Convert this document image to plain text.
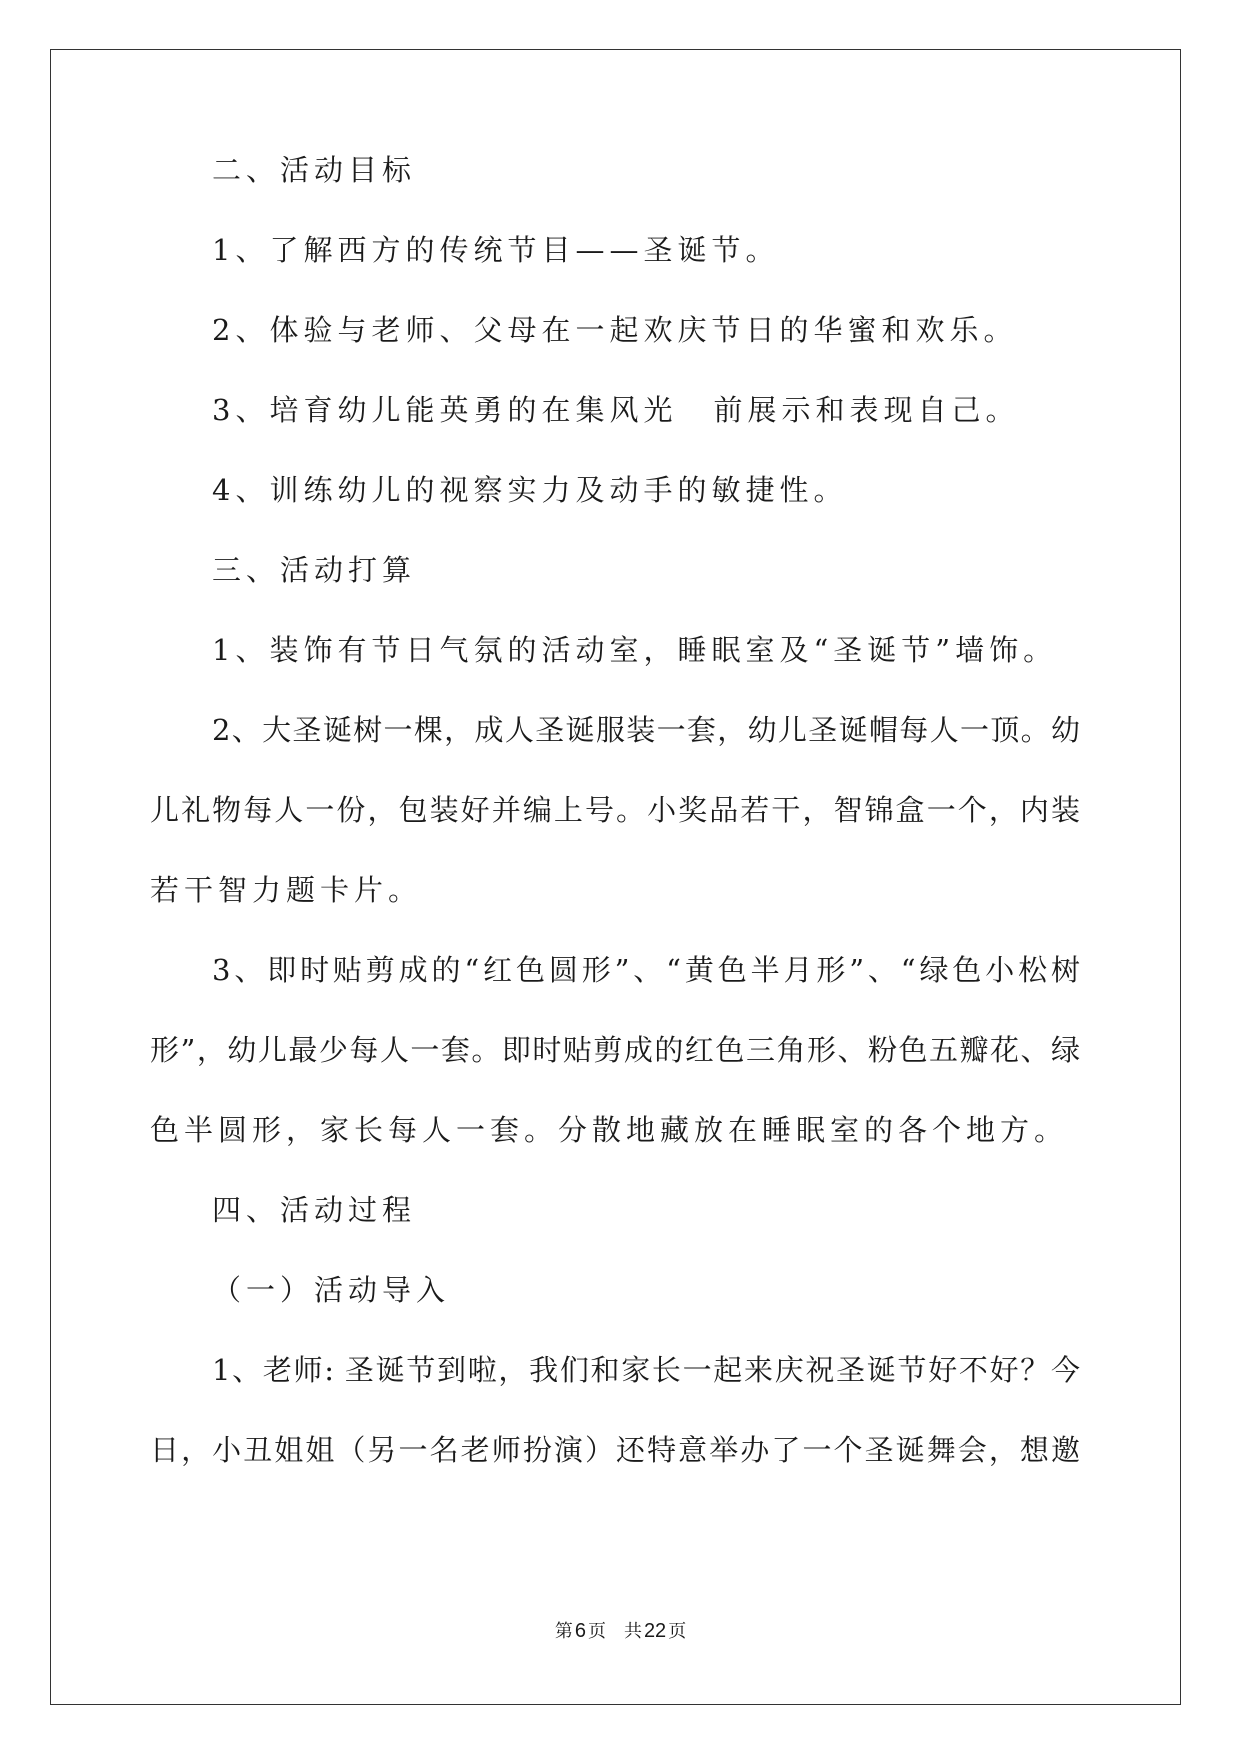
二、活动目标
1、了解西方的传统节目——圣诞节。
2、体验与老师、父母在一起欢庆节日的华蜜和欢乐。
3、培育幼儿能英勇的在集风光 前展示和表现自己。
4、训练幼儿的视察实力及动手的敏捷性。
三、活动打算
1、装饰有节日气氛的活动室，睡眠室及“圣诞节”墙饰。
2、大圣诞树一棵，成人圣诞服装一套，幼儿圣诞帽每人一顶。幼
儿礼物每人一份，包装好并编上号。小奖品若干，智锦盒一个，内装
若干智力题卡片。
3、即时贴剪成的“红色圆形”、“黄色半月形”、“绿色小松树
形”，幼儿最少每人一套。即时贴剪成的红色三角形、粉色五瓣花、绿
色半圆形，家长每人一套。分散地藏放在睡眠室的各个地方。
四、活动过程
（一）活动导入
1、老师: 圣诞节到啦，我们和家长一起来庆祝圣诞节好不好？今
日，小丑姐姐（另一名老师扮演）还特意举办了一个圣诞舞会，想邀
第 6 页 共 22 页
